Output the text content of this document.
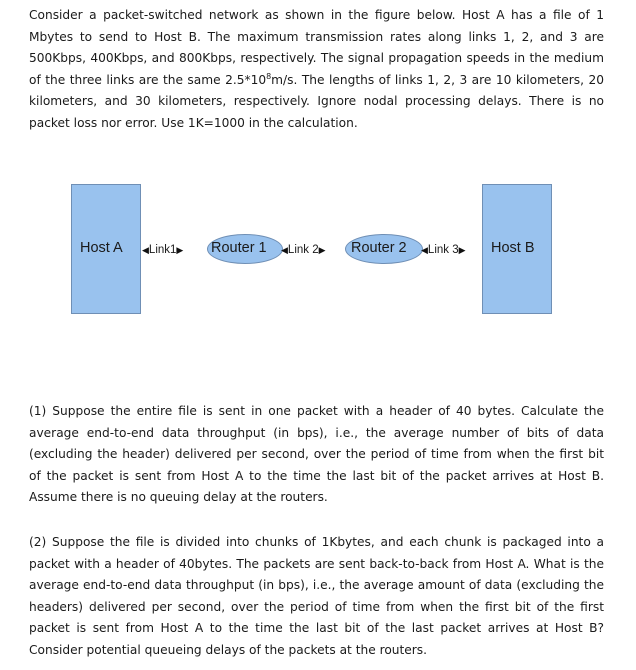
Consider a packet-switched network as shown in the figure below. Host A has a file of 1 Mbytes to send to Host B. The maximum transmission rates along links 1, 2, and 3 are 500Kbps, 400Kbps, and 800Kbps, respectively. The signal propagation speeds in the medium of the three links are the same $2.5*10^8m/s$. The lengths of links 1, 2, 3 are 10 kilometers, 20 kilometers, and 30 kilometers, respectively. Ignore nodal processing delays. There is no packet loss nor error. Use 1K=1000 in the calculation.

Host A	Router 1	Router 2	Host B
◀ Link1 ▶	◀ Link 2 ▶	◀ Link 3 ▶

(1) Suppose the entire file is sent in one packet with a header of 40 bytes. Calculate the average end-to-end data throughput (in bps), i.e., the average number of bits of data (excluding the header) delivered per second, over the period of time from when the first bit of the packet is sent from Host A to the time the last bit of the packet arrives at Host B. Assume there is no queuing delay at the routers.

(2) Suppose the file is divided into chunks of 1Kbytes, and each chunk is packaged into a packet with a header of 40bytes. The packets are sent back-to-back from Host A. What is the average end-to-end data throughput (in bps), i.e., the average amount of data (excluding the headers) delivered per second, over the period of time from when the first bit of the first packet is sent from Host A to the time the last bit of the last packet arrives at Host B? Consider potential queueing delays of the packets at the routers.
